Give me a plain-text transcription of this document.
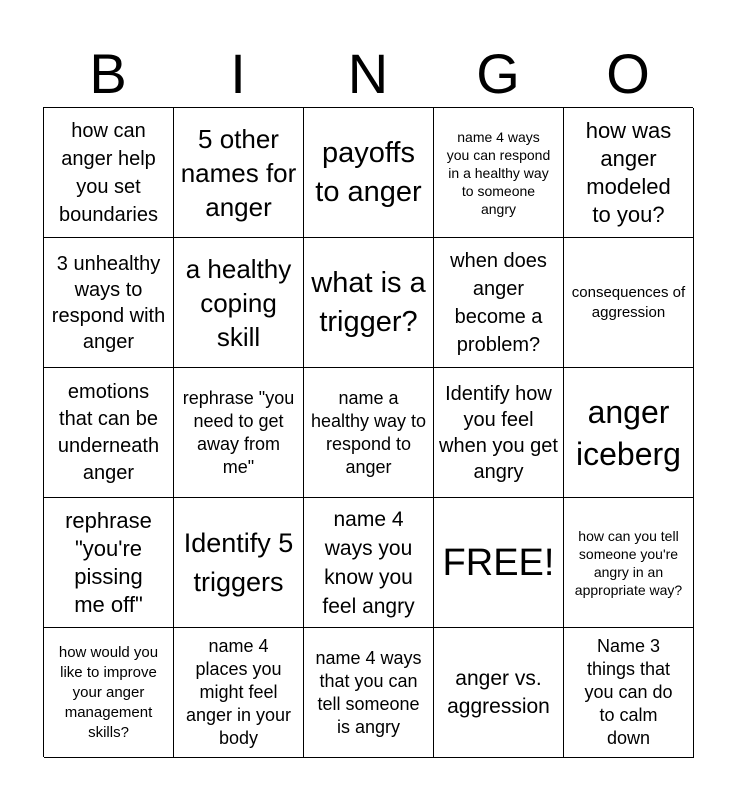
B	I	N	G	O
how can anger help you set boundaries
5 other names for anger
payoffs to anger
name 4 ways you can respond in a healthy way to someone angry
how was anger modeled to you?
3 unhealthy ways to respond with anger
a healthy coping skill
what is a trigger?
when does anger become a problem?
consequences of aggression
emotions that can be underneath anger
rephrase "you need to get away from me"
name a healthy way to respond to anger
Identify how you feel when you get angry
anger iceberg
rephrase "you're pissing me off"
Identify 5 triggers
name 4 ways you know you feel angry
FREE!
how can you tell someone you're angry in an appropriate way?
how would you like to improve your anger management skills?
name 4 places you might feel anger in your body
name 4 ways that you can tell someone is angry
anger vs. aggression
Name 3 things that you can do to calm down
